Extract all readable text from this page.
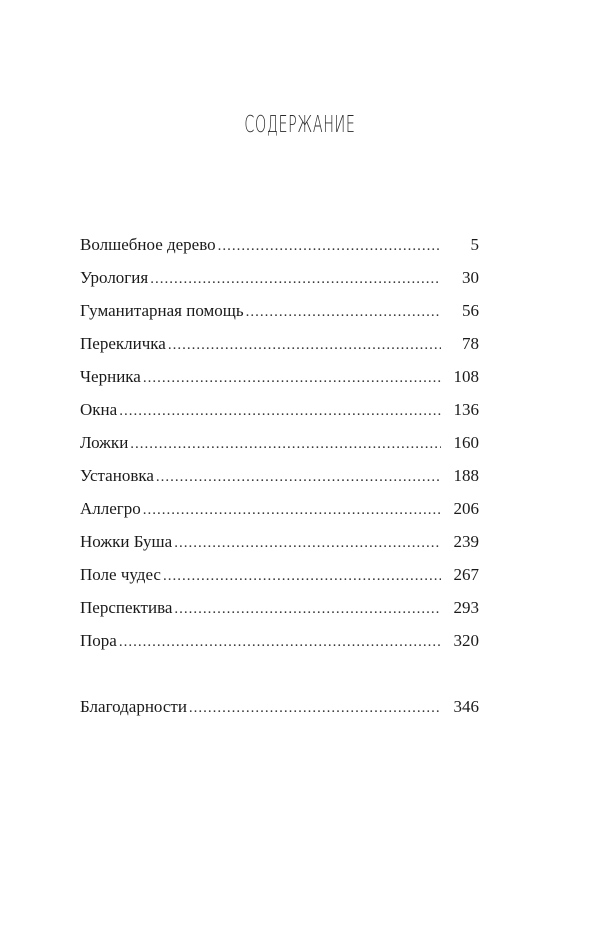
СОДЕРЖАНИЕ
Волшебное дерево .....	5
Урология .....	30
Гуманитарная помощь .....	56
Перекличка .....	78
Черника .....	108
Окна .....	136
Ложки .....	160
Установка .....	188
Аллегро .....	206
Ножки Буша .....	239
Поле чудес .....	267
Перспектива .....	293
Пора .....	320
Благодарности .....	346
